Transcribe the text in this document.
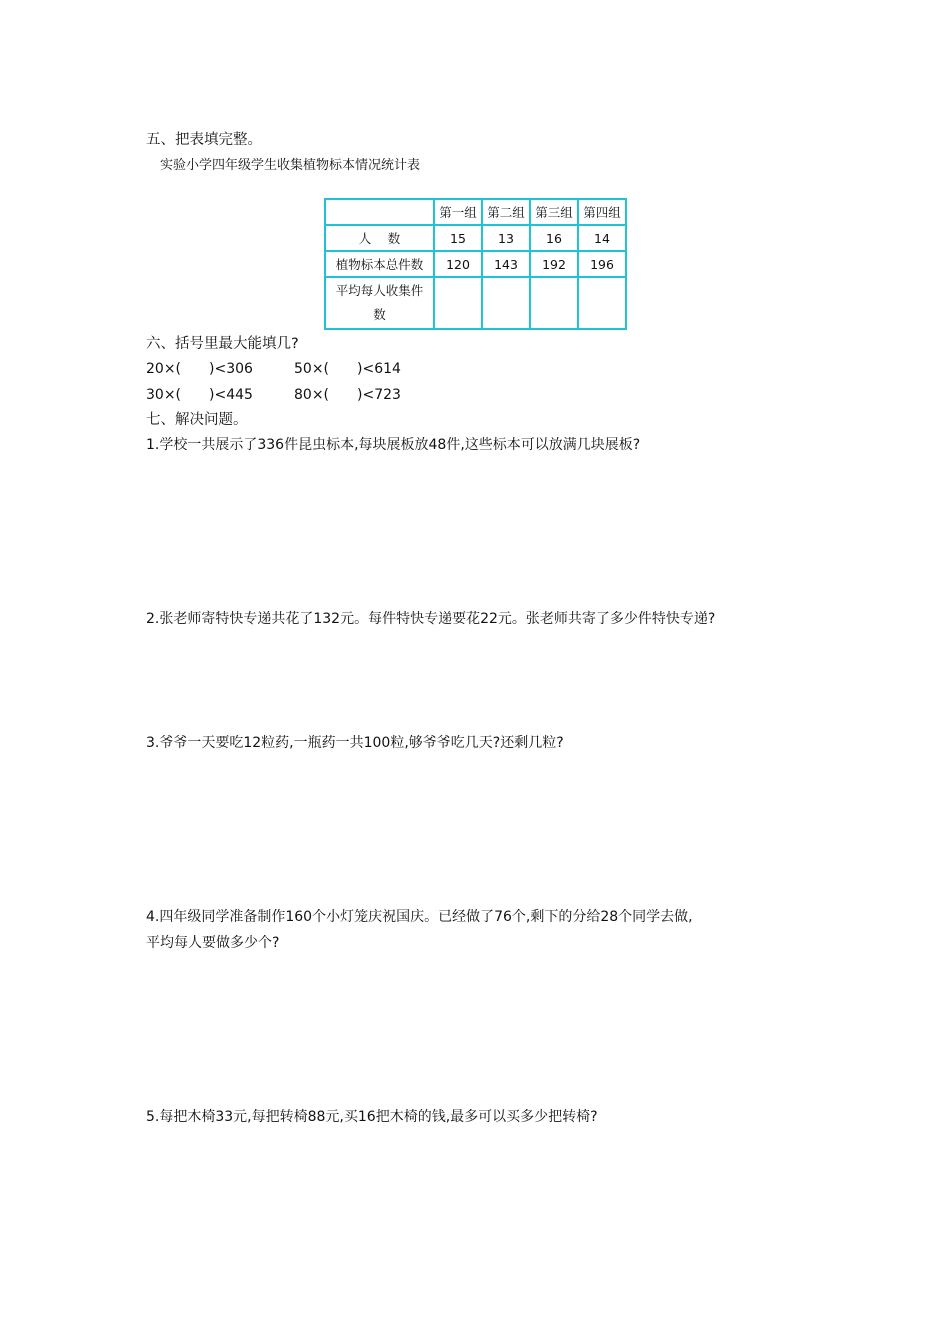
五、把表填完整。
实验小学四年级学生收集植物标本情况统计表
	第一组	第二组	第三组	第四组
人　 数	15	13	16	14
植物标本总件数	120	143	192	196

平均每人收集件数				

六、括号里最大能填几?
20×(　　)<306	50×(　　)<614
30×(　　)<445	80×(　　)<723
七、解决问题。
1.学校一共展示了336件昆虫标本,每块展板放48件,这些标本可以放满几块展板?
2.张老师寄特快专递共花了132元。每件特快专递要花22元。张老师共寄了多少件特快专递?
3.爷爷一天要吃12粒药,一瓶药一共100粒,够爷爷吃几天?还剩几粒?
4.四年级同学准备制作160个小灯笼庆祝国庆。已经做了76个,剩下的分给28个同学去做,
平均每人要做多少个?
5.每把木椅33元,每把转椅88元,买16把木椅的钱,最多可以买多少把转椅?
